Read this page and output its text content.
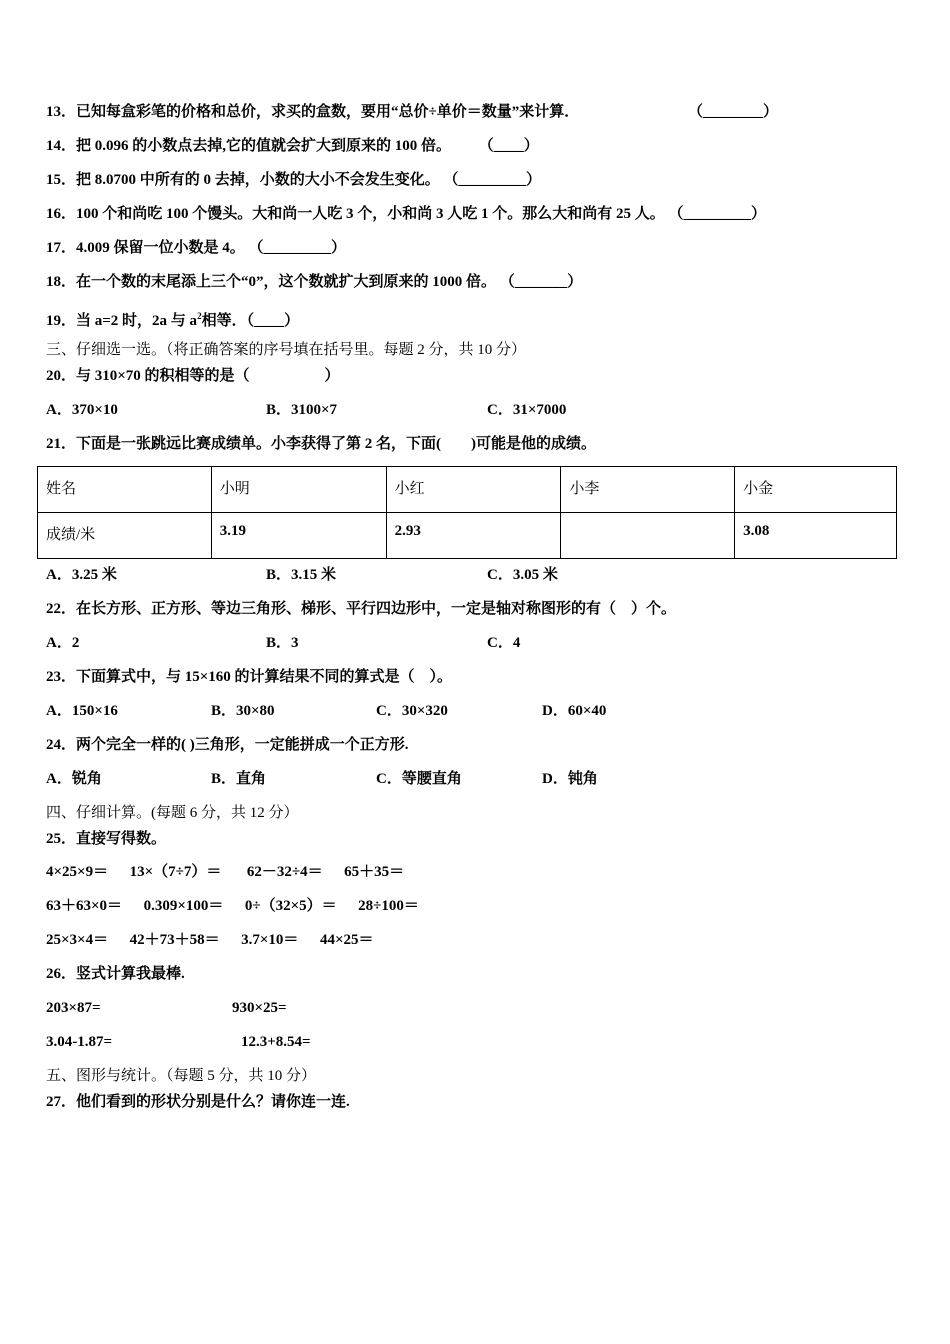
13．已知每盒彩笔的价格和总价，求买的盒数，要用“总价÷单价＝数量”来计算．	（________）
14．把 0.096 的小数点去掉,它的值就会扩大到原来的 100 倍。 （____）
15．把 8.0700 中所有的 0 去掉，小数的大小不会发生变化。 （_________）
16．100 个和尚吃 100 个馒头。大和尚一人吃 3 个，小和尚 3 人吃 1 个。那么大和尚有 25 人。 （_________）
17．4.009 保留一位小数是 4。 （_________）
18．在一个数的末尾添上三个“0”，这个数就扩大到原来的 1000 倍。 （_______）
19．当 a=2 时，2a 与 $a^2$相等．（____）
三、仔细选一选。（将正确答案的序号填在括号里。每题 2 分，共 10 分）
20．与 310×70 的积相等的是（　　　　　）
A．370×10	B．3100×7	C．31×7000
21．下面是一张跳远比赛成绩单。小李获得了第 2 名，下面(　　)可能是他的成绩。
姓名	小明	小红	小李	小金
成绩/米	3.19	2.93		3.08
A．3.25 米	B．3.15 米	C．3.05 米
22．在长方形、正方形、等边三角形、梯形、平行四边形中，一定是轴对称图形的有（　）个。
A．2	B．3	C．4
23．下面算式中，与 15×160 的计算结果不同的算式是（　）。
A．150×16	B．30×80	C．30×320	D．60×40
24．两个完全一样的( )三角形，一定能拼成一个正方形.
A．锐角	B．直角	C．等腰直角	D．钝角
四、仔细计算。(每题 6 分，共 12 分）
25．直接写得数。
4×25×9＝ 13×（7÷7）＝ 62－32÷4＝ 65＋35＝
63＋63×0＝ 0.309×100＝ 0÷（32×5）＝ 28÷100＝
25×3×4＝ 42＋73＋58＝ 3.7×10＝ 44×25＝
26．竖式计算我最棒.
203×87=	930×25=
3.04-1.87=	12.3+8.54=
五、图形与统计。（每题 5 分，共 10 分）
27．他们看到的形状分别是什么？请你连一连.
